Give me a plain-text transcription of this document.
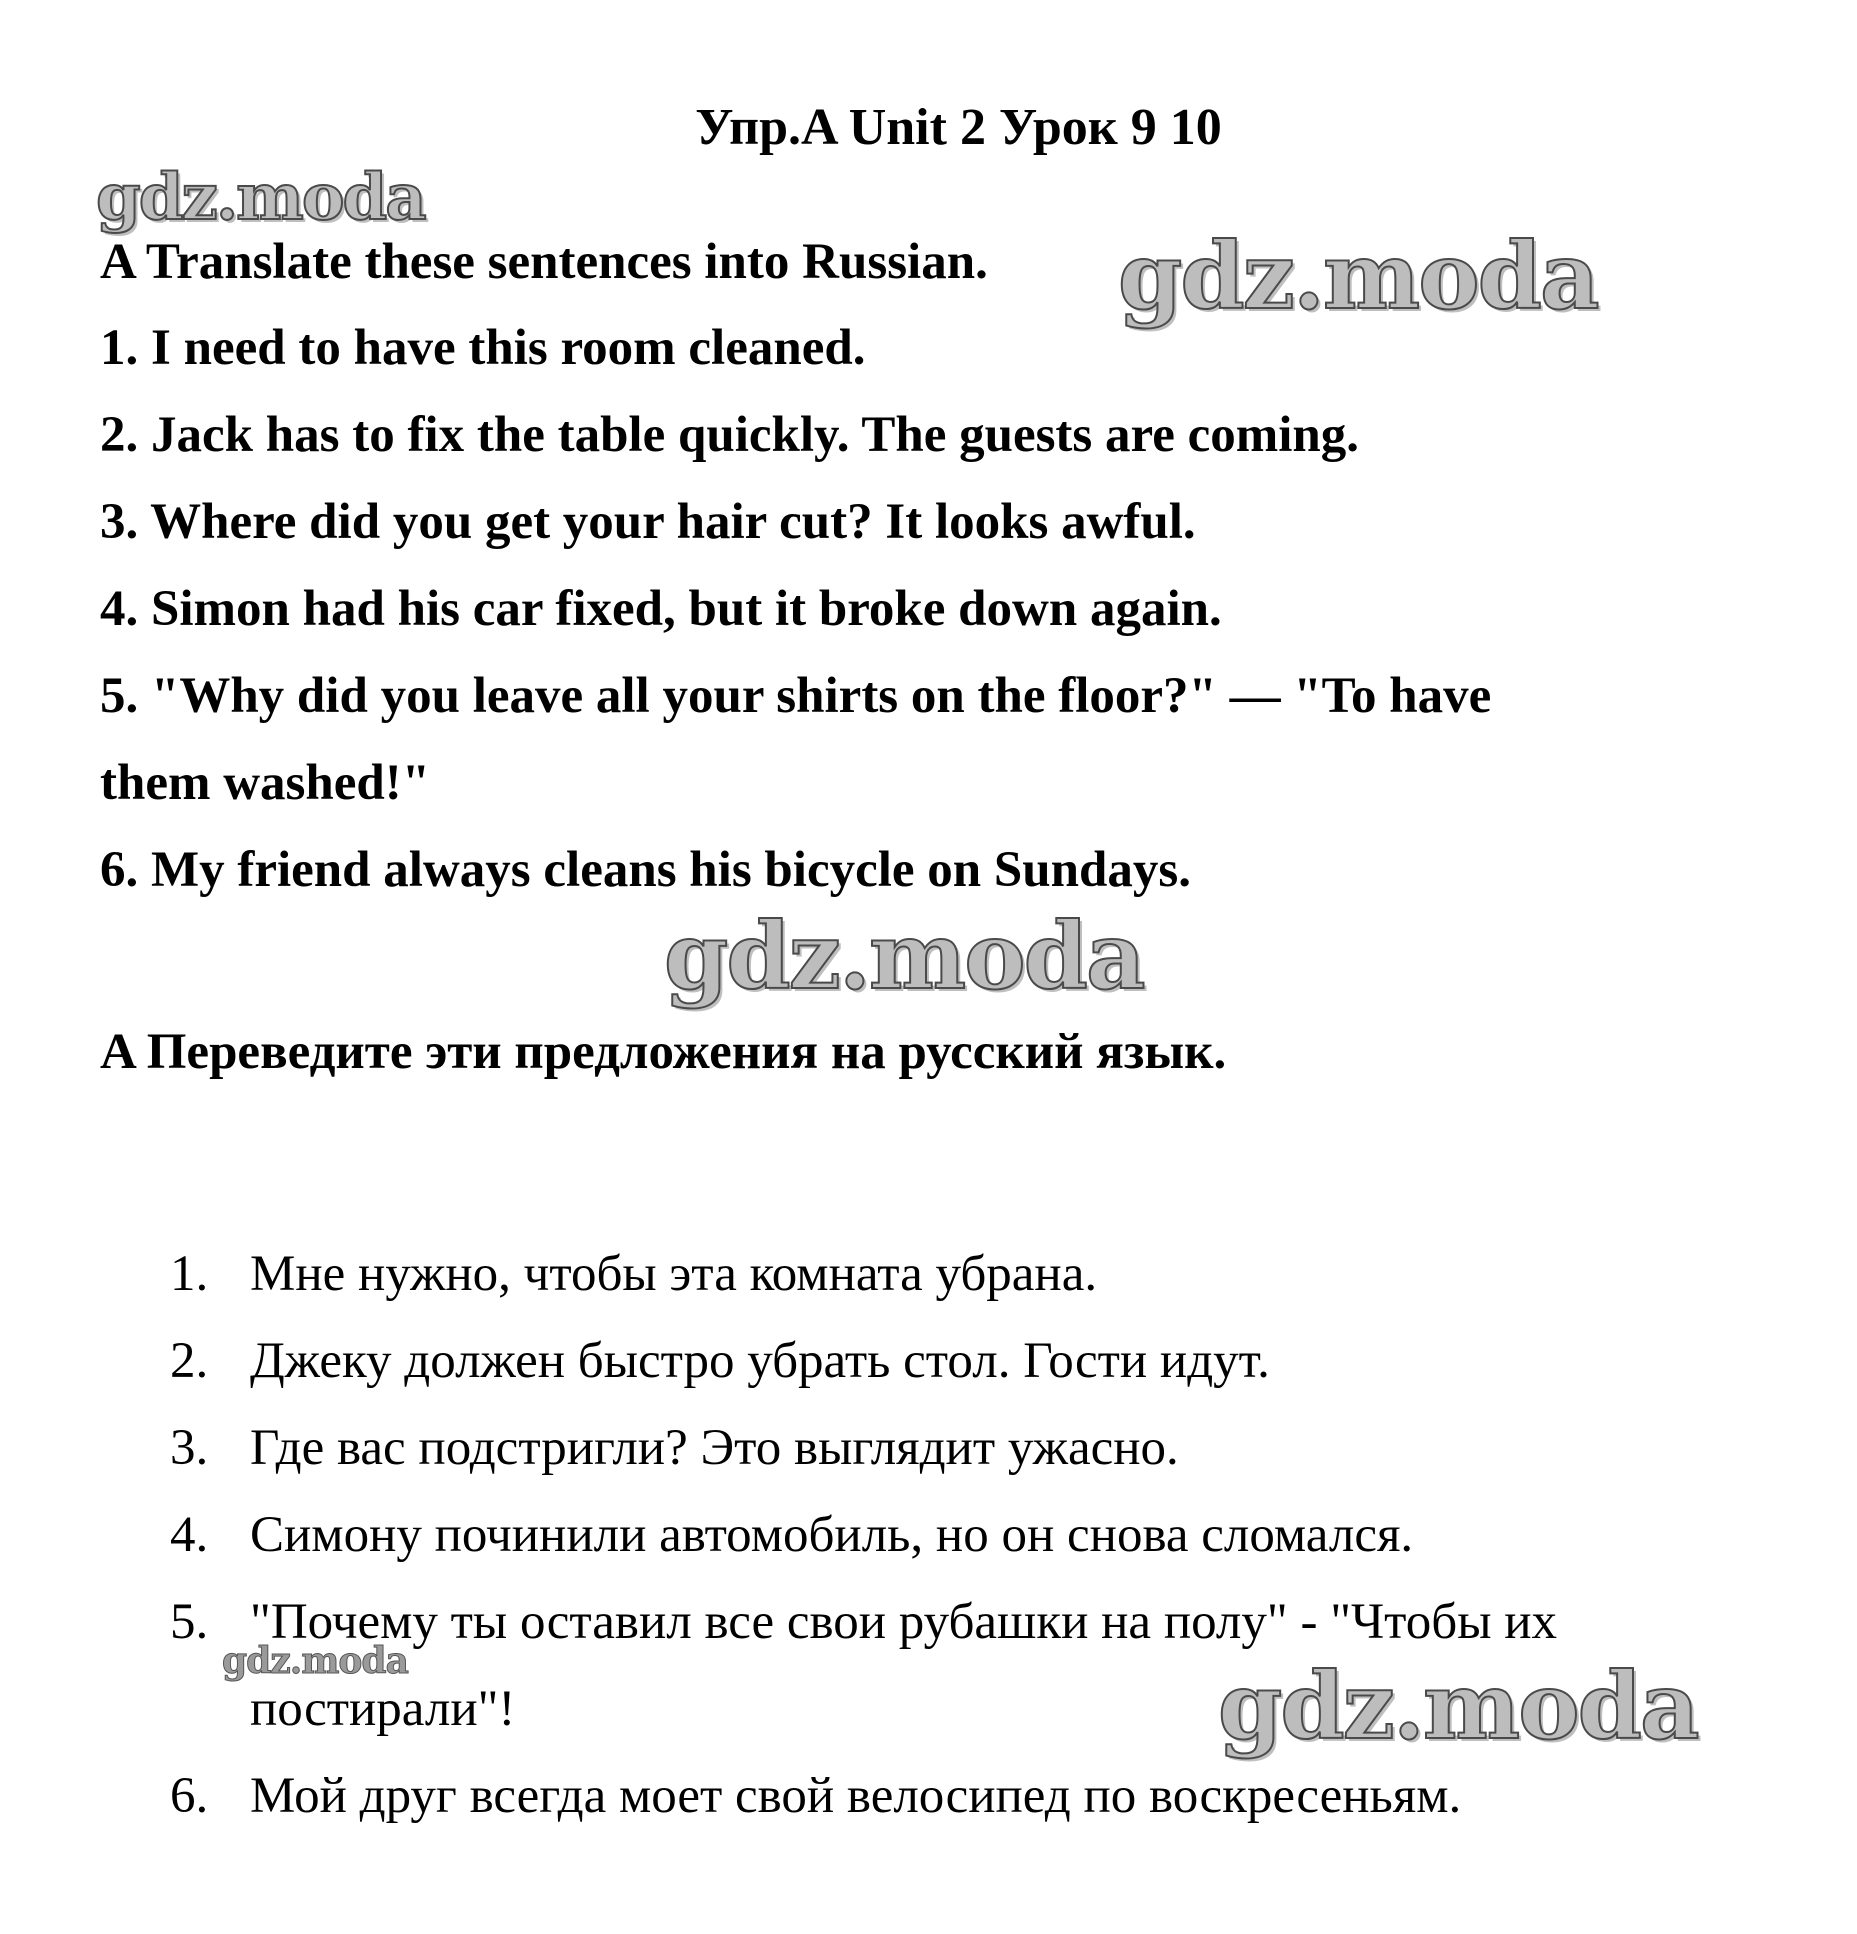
Упр.A Unit 2 Урок 9 10
A Translate these sentences into Russian.
1. I need to have this room cleaned.
2. Jack has to fix the table quickly. The guests are coming.
3. Where did you get your hair cut? It looks awful.
4. Simon had his car fixed, but it broke down again.
5. "Why did you leave all your shirts on the floor?" — "To have
them washed!"
6. My friend always cleans his bicycle on Sundays.
A Переведите эти предложения на русский язык.
1. Мне нужно, чтобы эта комната убрана.
2. Джеку должен быстро убрать стол. Гости идут.
3. Где вас подстригли? Это выглядит ужасно.
4. Симону починили автомобиль, но он снова сломался.
5. "Почему ты оставил все свои рубашки на полу" - "Чтобы их
постирали"!
6. Мой друг всегда моет свой велосипед по воскресеньям.
gdz.moda
gdz.moda
gdz.moda
gdz.moda	gdz.moda
